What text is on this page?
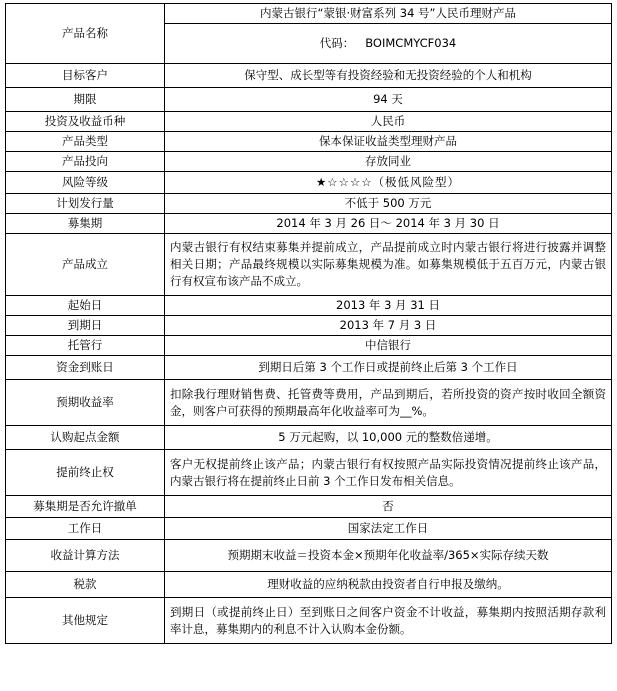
产品名称	内蒙古银行“蒙银·财富系列 34 号”人民币理财产品
	代码： BOIMCMYCF034
目标客户	保守型、成长型等有投资经验和无投资经验的个人和机构
期限	94 天
投资及收益币种	人民币
产品类型	保本保证收益类型理财产品
产品投向	存放同业
风险等级	★☆☆☆☆（极低风险型）
计划发行量	不低于 500 万元
募集期	2014 年 3 月 26 日～ 2014 年 3 月 30 日
产品成立	内蒙古银行有权结束募集并提前成立，产品提前成立时内蒙古银行将进行披露并调整相关日期；产品最终规模以实际募集规模为准。如募集规模低于五百万元，内蒙古银行有权宣布该产品不成立。
起始日	2013 年 3 月 31 日
到期日	2013 年 7 月 3 日
托管行	中信银行
资金到账日	到期日后第 3 个工作日或提前终止后第 3 个工作日
预期收益率	扣除我行理财销售费、托管费等费用，产品到期后，若所投资的资产按时收回全额资金，则客户可获得的预期最高年化收益率可为__%。
认购起点金额	5 万元起购，以 10,000 元的整数倍递增。
提前终止权	客户无权提前终止该产品；内蒙古银行有权按照产品实际投资情况提前终止该产品，内蒙古银行将在提前终止日前 3 个工作日发布相关信息。
募集期是否允许撤单	否
工作日	国家法定工作日
收益计算方法	预期期末收益＝投资本金×预期年化收益率/365×实际存续天数
税款	理财收益的应纳税款由投资者自行申报及缴纳。
其他规定	到期日（或提前终止日）至到账日之间客户资金不计收益，募集期内按照活期存款利率计息，募集期内的利息不计入认购本金份额。
